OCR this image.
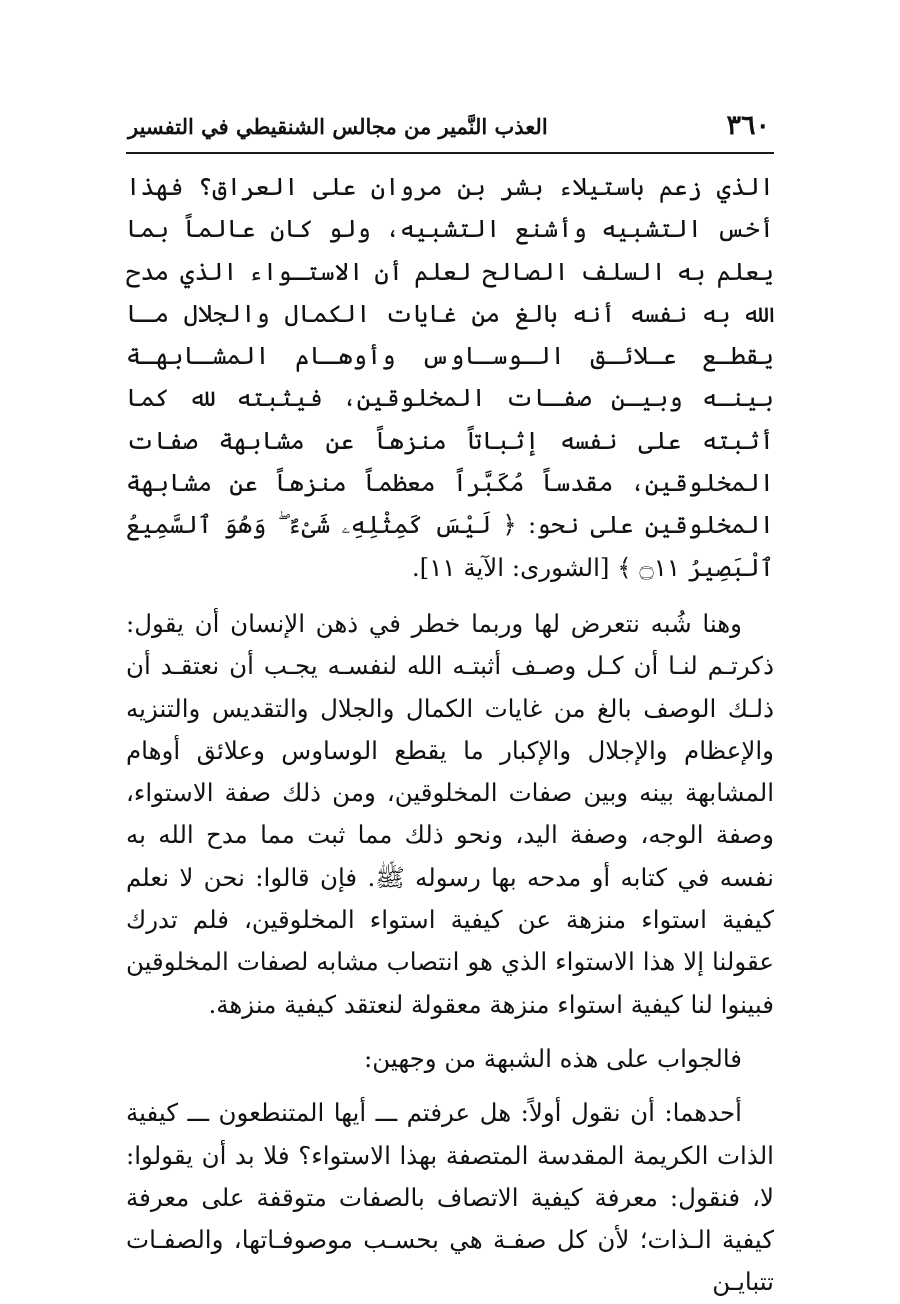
٣٦٠
العذب النَّمير من مجالس الشنقيطي في التفسير

الذي زعم باستيلاء بشر بن مروان على العراق؟ فهذا أخس التشبيه وأشنع التشبيه، ولو كان عالماً بما يعلم به السلف الصالح لعلم أن الاستـواء الذي مدح الله به نفسه أنه بالغ من غايات الكمال والجلال مـا يقطـع عـلائـق الـوسـاوس وأوهـام المشـابهـة بينـه وبيـن صفـات المخلوقين، فيثبته لله كما أثبته على نفسه إثباتاً منزهاً عن مشابهة صفات المخلوقين، مقدساً مُكَبَّراً معظماً منزهاً عن مشابهة المخلوقين على نحو: ﴿ لَيْسَ كَمِثْلِهِۦ شَىْءٌ ۖ وَهُوَ ٱلسَّمِيعُ ٱلْبَصِيرُ ۝١١ ﴾ [الشورى: الآية ١١].

وهنا شُبه نتعرض لها وربما خطر في ذهن الإنسان أن يقول: ذكرتـم لنـا أن كـل وصـف أثبتـه الله لنفسـه يجـب أن نعتقـد أن ذلـك الوصف بالغ من غايات الكمال والجلال والتقديس والتنزيه والإعظام والإجلال والإكبار ما يقطع الوساوس وعلائق أوهام المشابهة بينه وبين صفات المخلوقين، ومن ذلك صفة الاستواء، وصفة الوجه، وصفة اليد، ونحو ذلك مما ثبت مما مدح الله به نفسه في كتابه أو مدحه بها رسوله ﷺ. فإن قالوا: نحن لا نعلم كيفية استواء منزهة عن كيفية استواء المخلوقين، فلم تدرك عقولنا إلا هذا الاستواء الذي هو انتصاب مشابه لصفات المخلوقين فبينوا لنا كيفية استواء منزهة معقولة لنعتقد كيفية منزهة.

فالجواب على هذه الشبهة من وجهين:

أحدهما: أن نقول أولاً: هل عرفتم ـــ أيها المتنطعون ـــ كيفية الذات الكريمة المقدسة المتصفة بهذا الاستواء؟ فلا بد أن يقولوا: لا، فنقول: معرفة كيفية الاتصاف بالصفات متوقفة على معرفة كيفية الـذات؛ لأن كل صفـة هي بحسـب موصوفـاتها، والصفـات تتبايـن
